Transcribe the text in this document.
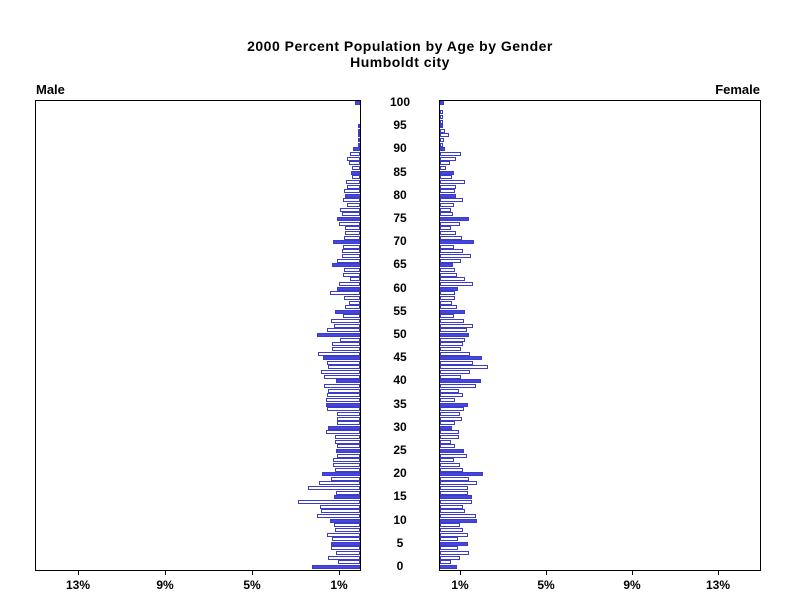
2000 Percent Population by Age by Gender
Humboldt city
Male	Female
0
5
10
15
20
25
30
35
40
45
50
55
60
65
70
75
80
85
90
95
100
1%	1%
5%	5%
9%	9%
13%	13%
